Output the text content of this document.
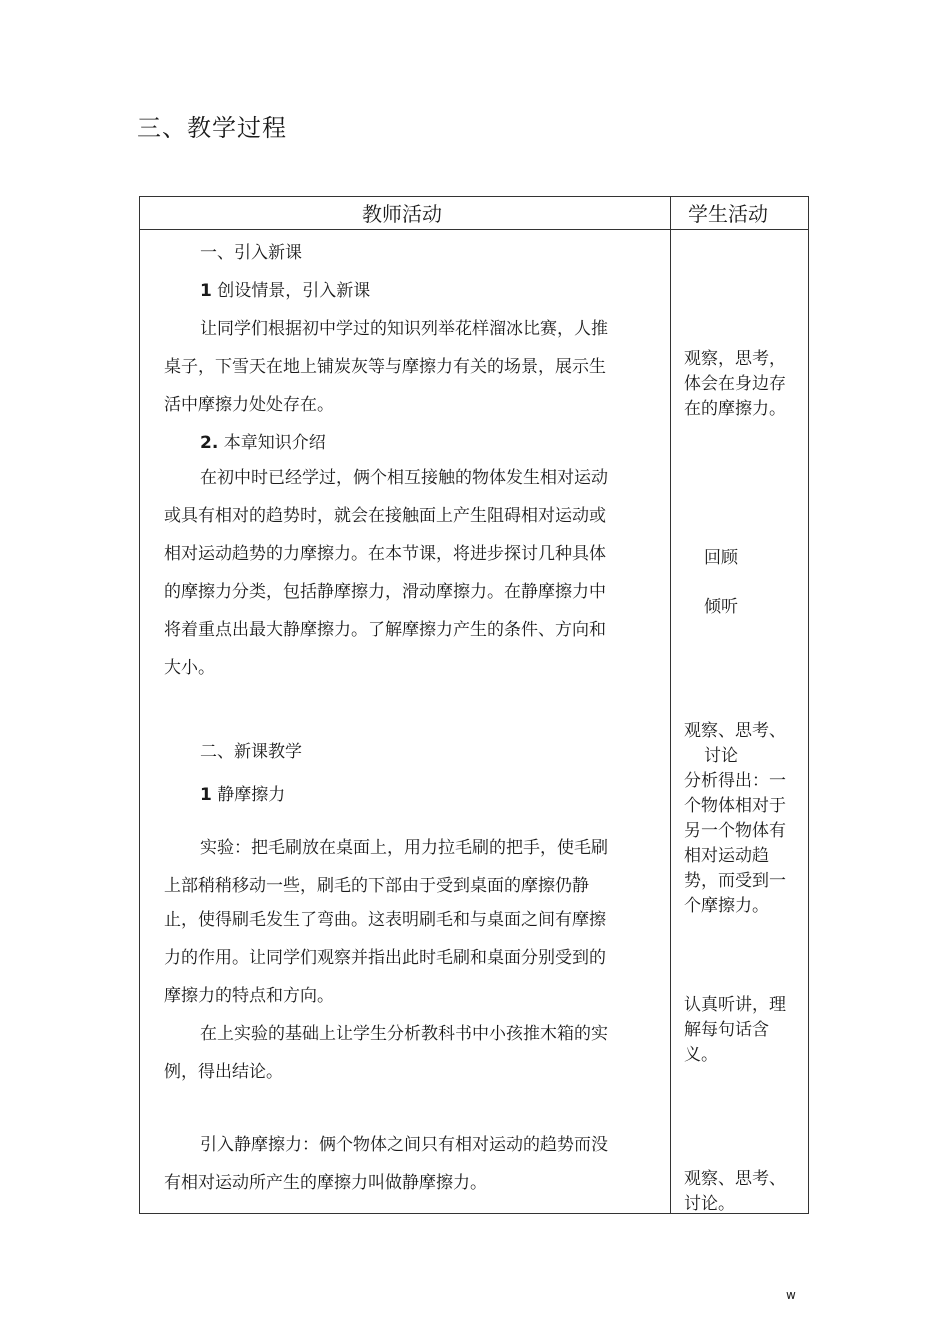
三、教学过程
教师活动	学生活动
一、引入新课
1 创设情景，引入新课
让同学们根据初中学过的知识列举花样溜冰比赛，人推
桌子，下雪天在地上铺炭灰等与摩擦力有关的场景，展示生
活中摩擦力处处存在。
2. 本章知识介绍
在初中时已经学过，俩个相互接触的物体发生相对运动
或具有相对的趋势时，就会在接触面上产生阻碍相对运动或
相对运动趋势的力摩擦力。在本节课，将进步探讨几种具体
的摩擦力分类，包括静摩擦力，滑动摩擦力。在静摩擦力中
将着重点出最大静摩擦力。了解摩擦力产生的条件、方向和
大小。
二、新课教学
1 静摩擦力
实验：把毛刷放在桌面上，用力拉毛刷的把手，使毛刷
上部稍稍移动一些，刷毛的下部由于受到桌面的摩擦仍静
止，使得刷毛发生了弯曲。这表明刷毛和与桌面之间有摩擦
力的作用。让同学们观察并指出此时毛刷和桌面分别受到的
摩擦力的特点和方向。
在上实验的基础上让学生分析教科书中小孩推木箱的实
例，得出结论。
引入静摩擦力：俩个物体之间只有相对运动的趋势而没
有相对运动所产生的摩擦力叫做静摩擦力。
观察，思考，
体会在身边存
在的摩擦力。
回顾
倾听
观察、思考、
讨论
分析得出：一
个物体相对于
另一个物体有
相对运动趋
势，而受到一
个摩擦力。
认真听讲，理
解每句话含
义。
观察、思考、
讨论。
w
